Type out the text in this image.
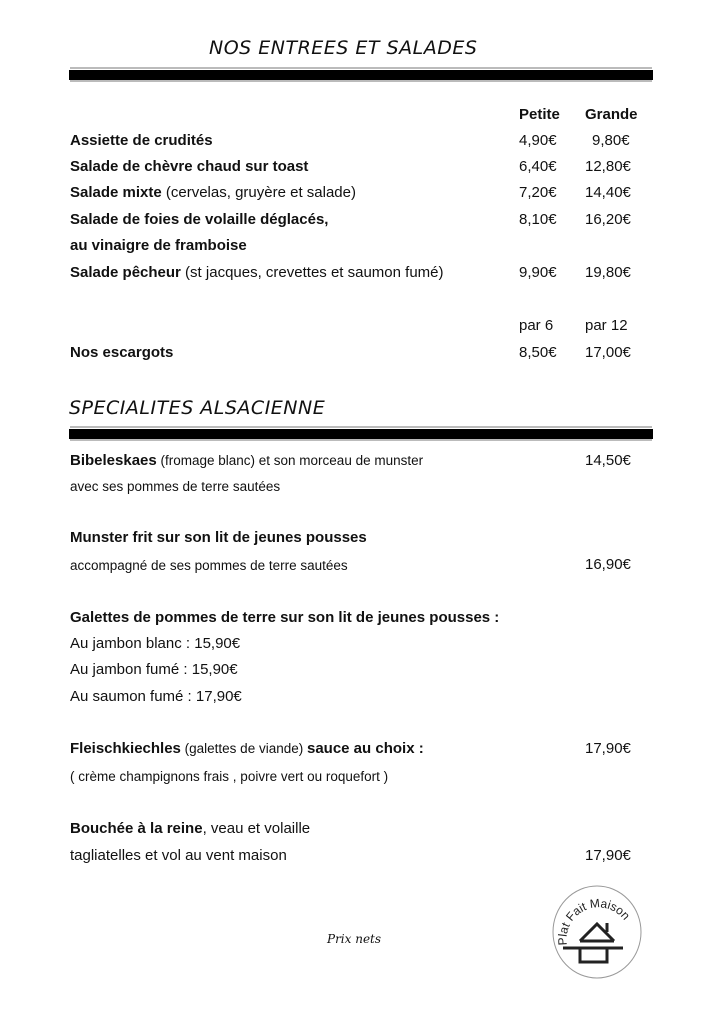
NOS ENTREES ET SALADES
Petite Grande
Assiette de crudités	4,90€ 9,80€
Salade de chèvre chaud sur toast	6,40€ 12,80€
Salade mixte (cervelas, gruyère et salade)	7,20€ 14,40€
Salade de foies de volaille déglacés,	8,10€ 16,20€
au vinaigre de framboise
Salade pêcheur (st jacques, crevettes et saumon fumé)	9,90€ 19,80€
par 6 par 12
Nos escargots	8,50€ 17,00€
SPECIALITES ALSACIENNE
Bibeleskaes (fromage blanc) et son morceau de munster
avec ses pommes de terre sautées
14,50€
Munster frit sur son lit de jeunes pousses
accompagné de ses pommes de terre sautées	16,90€
Galettes de pommes de terre sur son lit de jeunes pousses :
Au jambon blanc : 15,90€
Au jambon fumé : 15,90€
Au saumon fumé : 17,90€
Fleischkiechles (galettes de viande) sauce au choix :
( crème champignons frais , poivre vert ou roquefort )
17,90€
Bouchée à la reine, veau et volaille
tagliatelles et vol au vent maison	17,90€
Prix nets	Plat Fait Maison
